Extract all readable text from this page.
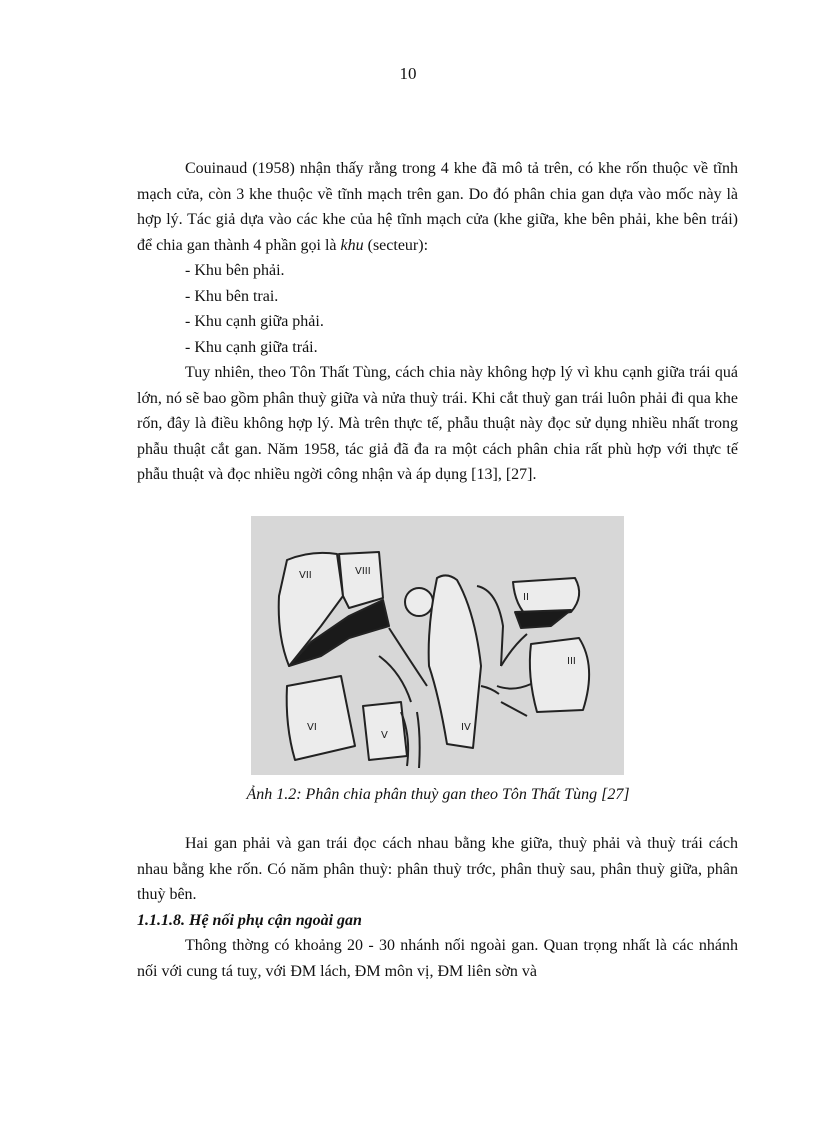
10

Couinaud (1958) nhận thấy rằng trong 4 khe đã mô tả trên, có khe rốn thuộc về tĩnh mạch cửa, còn 3 khe thuộc về tĩnh mạch trên gan. Do đó phân chia gan dựa vào mốc này là hợp lý. Tác giả dựa vào các khe của hệ tĩnh mạch cửa (khe giữa, khe bên phải, khe bên trái) để chia gan thành 4 phần gọi là khu (secteur):

- Khu bên phải.

- Khu bên trai.

- Khu cạnh giữa phải.

- Khu cạnh giữa trái.

Tuy nhiên, theo Tôn Thất Tùng, cách chia này không hợp lý vì khu cạnh giữa trái quá lớn, nó sẽ bao gồm phân thuỳ giữa và nửa thuỳ trái. Khi cắt thuỳ gan trái luôn phải đi qua khe rốn, đây là điều không hợp lý. Mà trên thực tế, phẫu thuật này đọc sử dụng nhiều nhất trong phẫu thuật cắt gan. Năm 1958, tác giả đã đa ra một cách phân chia rất phù hợp với thực tế phẫu thuật và đọc nhiều ngời công nhận và áp dụng [13], [27].

VII	VIII
VI
V
IV
II
III
Ảnh 1.2: Phân chia phân thuỳ gan theo Tôn Thất Tùng [27]

Hai gan phải và gan trái đọc cách nhau bằng khe giữa, thuỳ phải và thuỳ trái cách nhau bằng khe rốn. Có năm phân thuỳ: phân thuỳ trớc, phân thuỳ sau, phân thuỳ giữa, phân thuỳ bên.

1.1.1.8. Hệ nối phụ cận ngoài gan

Thông thờng có khoảng 20 - 30 nhánh nối ngoài gan. Quan trọng nhất là các nhánh nối với cung tá tuỵ, với ĐM lách, ĐM môn vị, ĐM liên sờn và
